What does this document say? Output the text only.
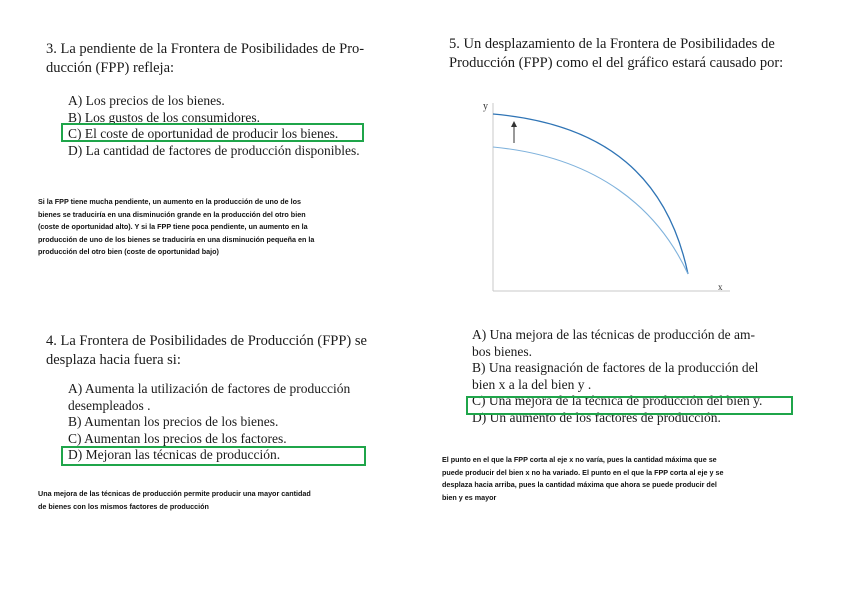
3. La pendiente de la Frontera de Posibilidades de Pro-
ducción (FPP) refleja:
A) Los precios de los bienes.
B) Los gustos de los consumidores.
C) El coste de oportunidad de producir los bienes.
D) La cantidad de factores de producción disponibles.
Si la FPP tiene mucha pendiente, un aumento en la producción de uno de los
bienes se traduciría en una disminución grande en la producción del otro bien
(coste de oportunidad alto). Y si la FPP tiene poca pendiente, un aumento en la
producción de uno de los bienes se traduciría en una disminución pequeña en la
producción del otro bien (coste de oportunidad bajo)
4. La Frontera de Posibilidades de Producción (FPP) se
desplaza hacia fuera si:
A) Aumenta la utilización de factores de producción
desempleados .
B) Aumentan los precios de los bienes.
C) Aumentan los precios de los factores.
D) Mejoran las técnicas de producción.
Una mejora de las técnicas de producción permite producir una mayor cantidad
de bienes con los mismos factores de producción
5. Un desplazamiento de la Frontera de Posibilidades de
Producción (FPP) como el del gráfico estará causado por:
y
x
A) Una mejora de las técnicas de producción de am-
bos bienes.
B) Una reasignación de factores de la producción del
bien x a la del bien y .
C) Una mejora de la técnica de producción del bien y.
D) Un aumento de los factores de producción.
El punto en el que la FPP corta al eje x no varía, pues la cantidad máxima que se
puede producir del bien x no ha variado. El punto en el que la FPP corta al eje y se
desplaza hacia arriba, pues la cantidad máxima que ahora se puede producir del
bien y es mayor
